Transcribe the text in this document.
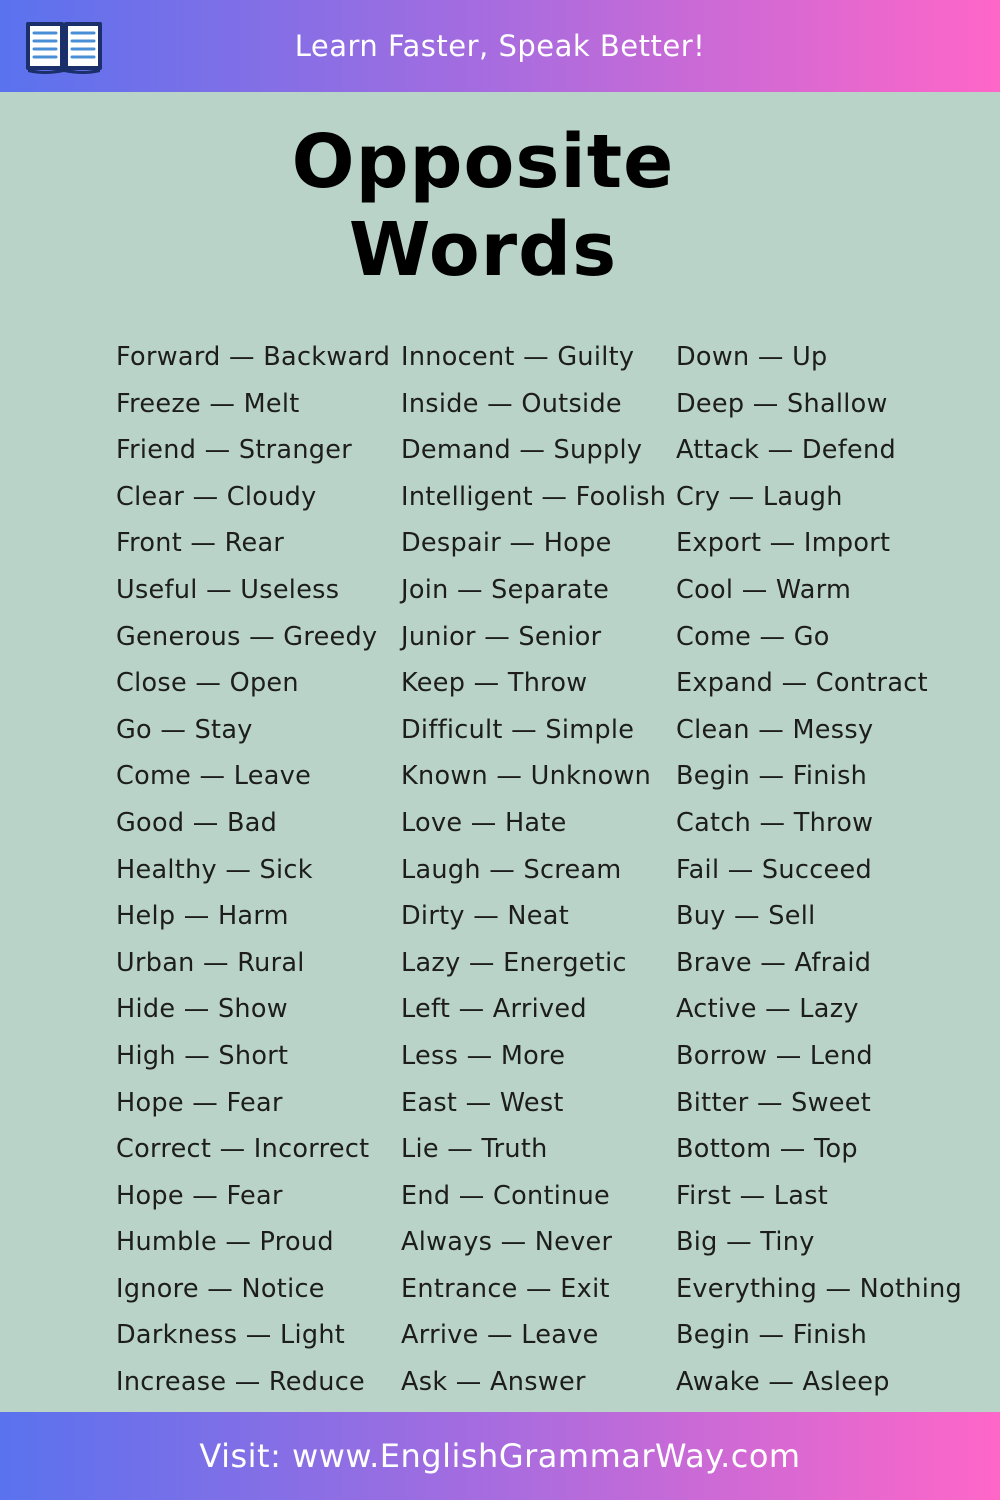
Learn Faster, Speak Better!
Opposite
Words
Forward — Backward
Freeze — Melt
Friend — Stranger
Clear — Cloudy
Front — Rear
Useful — Useless
Generous — Greedy
Close — Open
Go — Stay
Come — Leave
Good — Bad
Healthy — Sick
Help — Harm
Urban — Rural
Hide — Show
High — Short
Hope — Fear
Correct — Incorrect
Hope — Fear
Humble — Proud
Ignore — Notice
Darkness — Light
Increase — Reduce
Innocent — Guilty
Inside — Outside
Demand — Supply
Intelligent — Foolish
Despair — Hope
Join — Separate
Junior — Senior
Keep — Throw
Difficult — Simple
Known — Unknown
Love — Hate
Laugh — Scream
Dirty — Neat
Lazy — Energetic
Left — Arrived
Less — More
East — West
Lie — Truth
End — Continue
Always — Never
Entrance — Exit
Arrive — Leave
Ask — Answer
Down — Up
Deep — Shallow
Attack — Defend
Cry — Laugh
Export — Import
Cool — Warm
Come — Go
Expand — Contract
Clean — Messy
Begin — Finish
Catch — Throw
Fail — Succeed
Buy — Sell
Brave — Afraid
Active — Lazy
Borrow — Lend
Bitter — Sweet
Bottom — Top
First — Last
Big — Tiny
Everything — Nothing
Begin — Finish
Awake — Asleep
Visit: www.EnglishGrammarWay.com
